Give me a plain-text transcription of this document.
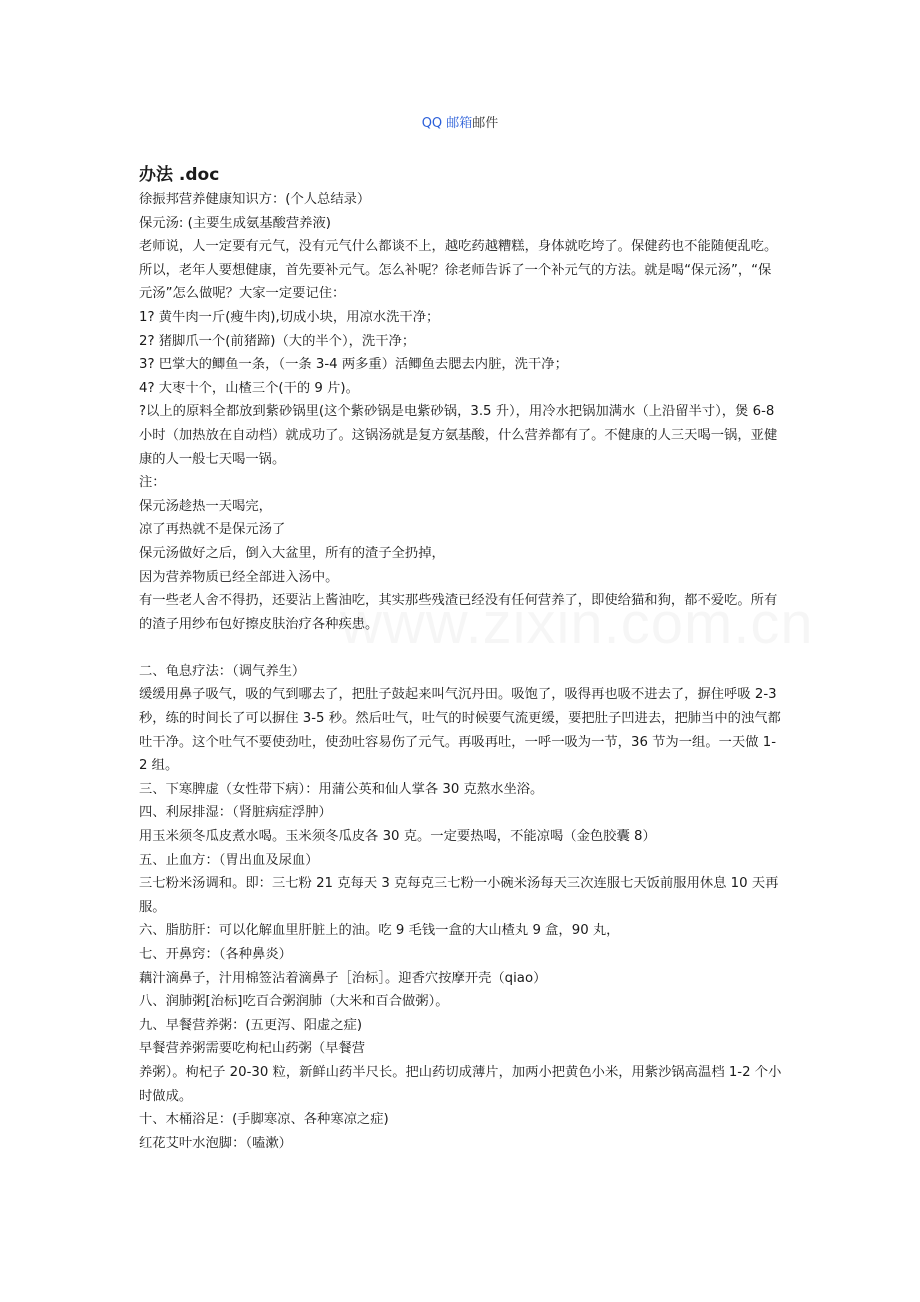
QQ 邮箱邮件
办法 .doc

徐振邦营养健康知识方：(个人总结录）

保元汤: (主要生成氨基酸营养液)

老师说，人一定要有元气，没有元气什么都谈不上，越吃药越糟糕，身体就吃垮了。保健药也不能随便乱吃。所以，老年人要想健康，首先要补元气。怎么补呢？徐老师告诉了一个补元气的方法。就是喝“保元汤”，“保元汤”怎么做呢？大家一定要记住：

1? 黄牛肉一斤(瘦牛肉),切成小块，用凉水洗干净；

2? 猪脚爪一个(前猪蹄)（大的半个），洗干净；

3? 巴掌大的鲫鱼一条，（一条 3-4 两多重）活鲫鱼去腮去内脏，洗干净；

4? 大枣十个，山楂三个(干的 9 片)。

?以上的原料全都放到紫砂锅里(这个紫砂锅是电紫砂锅，3.5 升），用冷水把锅加满水（上沿留半寸），煲 6-8 小时（加热放在自动档）就成功了。这锅汤就是复方氨基酸，什么营养都有了。不健康的人三天喝一锅，亚健康的人一般七天喝一锅。

注：

保元汤趁热一天喝完，

凉了再热就不是保元汤了

保元汤做好之后，倒入大盆里，所有的渣子全扔掉，

因为营养物质已经全部进入汤中。

有一些老人舍不得扔，还要沾上酱油吃，其实那些残渣已经没有任何营养了，即使给猫和狗，都不爱吃。所有的渣子用纱布包好擦皮肤治疗各种疾患。

二、龟息疗法：（调气养生）

缓缓用鼻子吸气，吸的气到哪去了，把肚子鼓起来叫气沉丹田。吸饱了，吸得再也吸不进去了，摒住呼吸 2-3 秒，练的时间长了可以摒住 3-5 秒。然后吐气，吐气的时候要气流更缓，要把肚子凹进去，把肺当中的浊气都吐干净。这个吐气不要使劲吐，使劲吐容易伤了元气。再吸再吐，一呼一吸为一节，36 节为一组。一天做 1-2 组。

三、下寒脾虚（女性带下病）：用蒲公英和仙人掌各 30 克熬水坐浴。

四、利尿排湿：（肾脏病症浮肿）

用玉米须冬瓜皮煮水喝。玉米须冬瓜皮各 30 克。一定要热喝，不能凉喝（金色胶囊 8）

五、止血方：（胃出血及尿血）

三七粉米汤调和。即：三七粉 21 克每天 3 克每克三七粉一小碗米汤每天三次连服七天饭前服用休息 10 天再服。

六、脂肪肝：可以化解血里肝脏上的油。吃 9 毛钱一盒的大山楂丸 9 盒，90 丸，

七、开鼻窍：（各种鼻炎）

藕汁滴鼻子，汁用棉签沾着滴鼻子［治标］。迎香穴按摩开壳（qiao）

八、润肺粥[治标]吃百合粥润肺（大米和百合做粥）。

九、早餐营养粥：(五更泻、阳虚之症)

早餐营养粥需要吃枸杞山药粥（早餐营

养粥）。枸杞子 20-30 粒，新鲜山药半尺长。把山药切成薄片，加两小把黄色小米，用紫沙锅高温档 1-2 个小时做成。

十、木桶浴足：(手脚寒凉、各种寒凉之症)

红花艾叶水泡脚：（嗑漱）
